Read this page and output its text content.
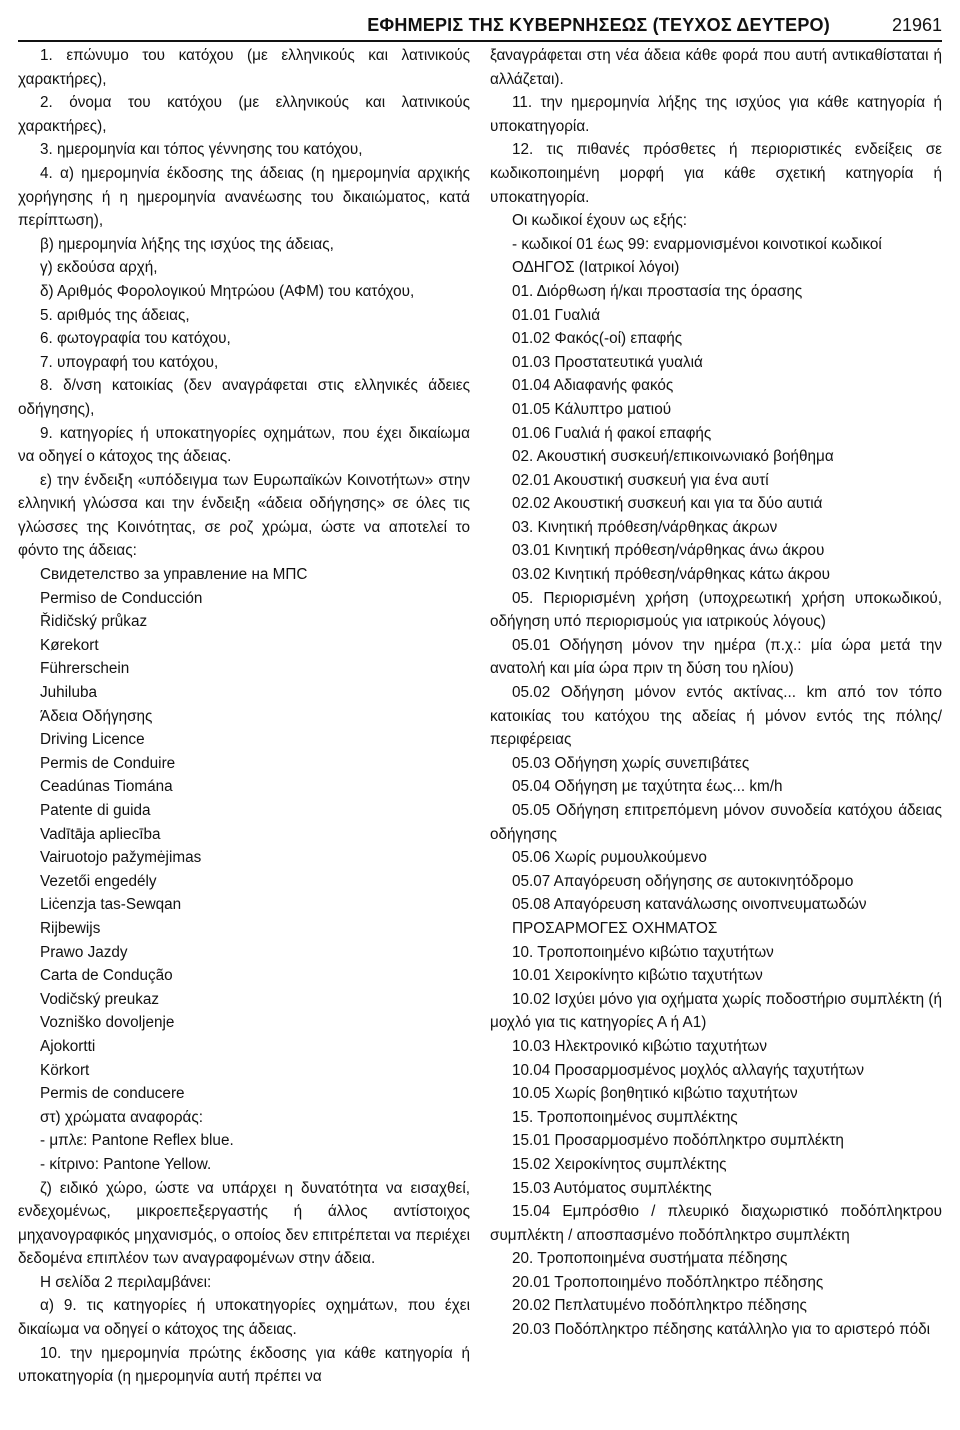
ΕΦΗΜΕΡΙΣ ΤΗΣ ΚΥΒΕΡΝΗΣΕΩΣ (ΤΕΥΧΟΣ ΔΕΥΤΕΡΟ)	21961

1. επώνυμο του κατόχου (με ελληνικούς και λατινικούς χαρακτήρες),

2. όνομα του κατόχου (με ελληνικούς και λατινικούς χαρακτήρες),

3. ημερομηνία και τόπος γέννησης του κατόχου,

4. α) ημερομηνία έκδοσης της άδειας (η ημερομηνία αρχικής χορήγησης ή η ημερομηνία ανανέωσης του δικαιώματος, κατά περίπτωση),

β) ημερομηνία λήξης της ισχύος της άδειας,

γ) εκδούσα αρχή,

δ) Αριθμός Φορολογικού Μητρώου (ΑΦΜ) του κατόχου,

5. αριθμός της άδειας,

6. φωτογραφία του κατόχου,

7. υπογραφή του κατόχου,

8. δ/νση κατοικίας (δεν αναγράφεται στις ελληνικές άδειες οδήγησης),

9. κατηγορίες ή υποκατηγορίες οχημάτων, που έχει δικαίωμα να οδηγεί ο κάτοχος της άδειας.

ε) την ένδειξη «υπόδειγμα των Ευρωπαϊκών Κοινοτήτων» στην ελληνική γλώσσα και την ένδειξη «άδεια οδήγησης» σε όλες τις γλώσσες της Κοινότητας, σε ροζ χρώμα, ώστε να αποτελεί το φόντο της άδειας:

Свидетелство за управление на МПС

Permiso de Conducción

Řidičský průkaz

Kørekort

Führerschein

Juhiluba

Άδεια Οδήγησης

Driving Licence

Permis de Conduire

Ceadúnas Tiomána

Patente di guida

Vadītāja apliecība

Vairuotojo pažymėjimas

Vezetői engedély

Liċenzja tas-Sewqan

Rijbewijs

Prawo Jazdy

Carta de Condução

Vodičský preukaz

Vozniško dovoljenje

Ajokortti

Körkort

Permis de conducere

στ) χρώματα αναφοράς:

- μπλε: Pantone Reflex blue.

- κίτρινο: Pantone Yellow.

ζ) ειδικό χώρο, ώστε να υπάρχει η δυνατότητα να εισαχθεί, ενδεχομένως, μικροεπεξεργαστής ή άλλος αντίστοιχος μηχανογραφικός μηχανισμός, ο οποίος δεν επιτρέπεται να περιέχει δεδομένα επιπλέον των αναγραφομένων στην άδεια.

Η σελίδα 2 περιλαμβάνει:

α) 9. τις κατηγορίες ή υποκατηγορίες οχημάτων, που έχει δικαίωμα να οδηγεί ο κάτοχος της άδειας.

10. την ημερομηνία πρώτης έκδοσης για κάθε κατηγορία ή υποκατηγορία (η ημερομηνία αυτή πρέπει να

ξαναγράφεται στη νέα άδεια κάθε φορά που αυτή αντικαθίσταται ή αλλάζεται).

11. την ημερομηνία λήξης της ισχύος για κάθε κατηγορία ή υποκατηγορία.

12. τις πιθανές πρόσθετες ή περιοριστικές ενδείξεις σε κωδικοποιημένη μορφή για κάθε σχετική κατηγορία ή υποκατηγορία.

Οι κωδικοί έχουν ως εξής:

- κωδικοί 01 έως 99: εναρμονισμένοι κοινοτικοί κωδικοί

ΟΔΗΓΟΣ (Ιατρικοί λόγοι)

01. Διόρθωση ή/και προστασία της όρασης

01.01 Γυαλιά

01.02 Φακός(-οί) επαφής

01.03 Προστατευτικά γυαλιά

01.04 Αδιαφανής φακός

01.05 Κάλυπτρο ματιού

01.06 Γυαλιά ή φακοί επαφής

02. Ακουστική συσκευή/επικοινωνιακό βοήθημα

02.01 Ακουστική συσκευή για ένα αυτί

02.02 Ακουστική συσκευή και για τα δύο αυτιά

03. Κινητική πρόθεση/νάρθηκας άκρων

03.01 Κινητική πρόθεση/νάρθηκας άνω άκρου

03.02 Κινητική πρόθεση/νάρθηκας κάτω άκρου

05. Περιορισμένη χρήση (υποχρεωτική χρήση υποκωδικού, οδήγηση υπό περιορισμούς για ιατρικούς λόγους)

05.01 Οδήγηση μόνον την ημέρα (π.χ.: μία ώρα μετά την ανατολή και μία ώρα πριν τη δύση του ηλίου)

05.02 Οδήγηση μόνον εντός ακτίνας... km από τον τόπο κατοικίας του κατόχου της αδείας ή μόνον εντός της πόλης/περιφέρειας

05.03 Οδήγηση χωρίς συνεπιβάτες

05.04 Οδήγηση με ταχύτητα έως... km/h

05.05 Οδήγηση επιτρεπόμενη μόνον συνοδεία κατόχου άδειας οδήγησης

05.06 Χωρίς ρυμουλκούμενο

05.07 Απαγόρευση οδήγησης σε αυτοκινητόδρομο

05.08 Απαγόρευση κατανάλωσης οινοπνευματωδών

ΠΡΟΣΑΡΜΟΓΕΣ ΟΧΗΜΑΤΟΣ

10. Τροποποιημένο κιβώτιο ταχυτήτων

10.01 Χειροκίνητο κιβώτιο ταχυτήτων

10.02 Ισχύει μόνο για οχήματα χωρίς ποδοστήριο συμπλέκτη (ή μοχλό για τις κατηγορίες Α ή Α1)

10.03 Ηλεκτρονικό κιβώτιο ταχυτήτων

10.04 Προσαρμοσμένος μοχλός αλλαγής ταχυτήτων

10.05 Χωρίς βοηθητικό κιβώτιο ταχυτήτων

15. Τροποποιημένος συμπλέκτης

15.01 Προσαρμοσμένο ποδόπληκτρο συμπλέκτη

15.02 Χειροκίνητος συμπλέκτης

15.03 Αυτόματος συμπλέκτης

15.04 Εμπρόσθιο / πλευρικό διαχωριστικό ποδόπληκτρου συμπλέκτη / αποσπασμένο ποδόπληκτρο συμπλέκτη

20. Τροποποιημένα συστήματα πέδησης

20.01 Τροποποιημένο ποδόπληκτρο πέδησης

20.02 Πεπλατυμένο ποδόπληκτρο πέδησης

20.03 Ποδόπληκτρο πέδησης κατάλληλο για το αριστερό πόδι
